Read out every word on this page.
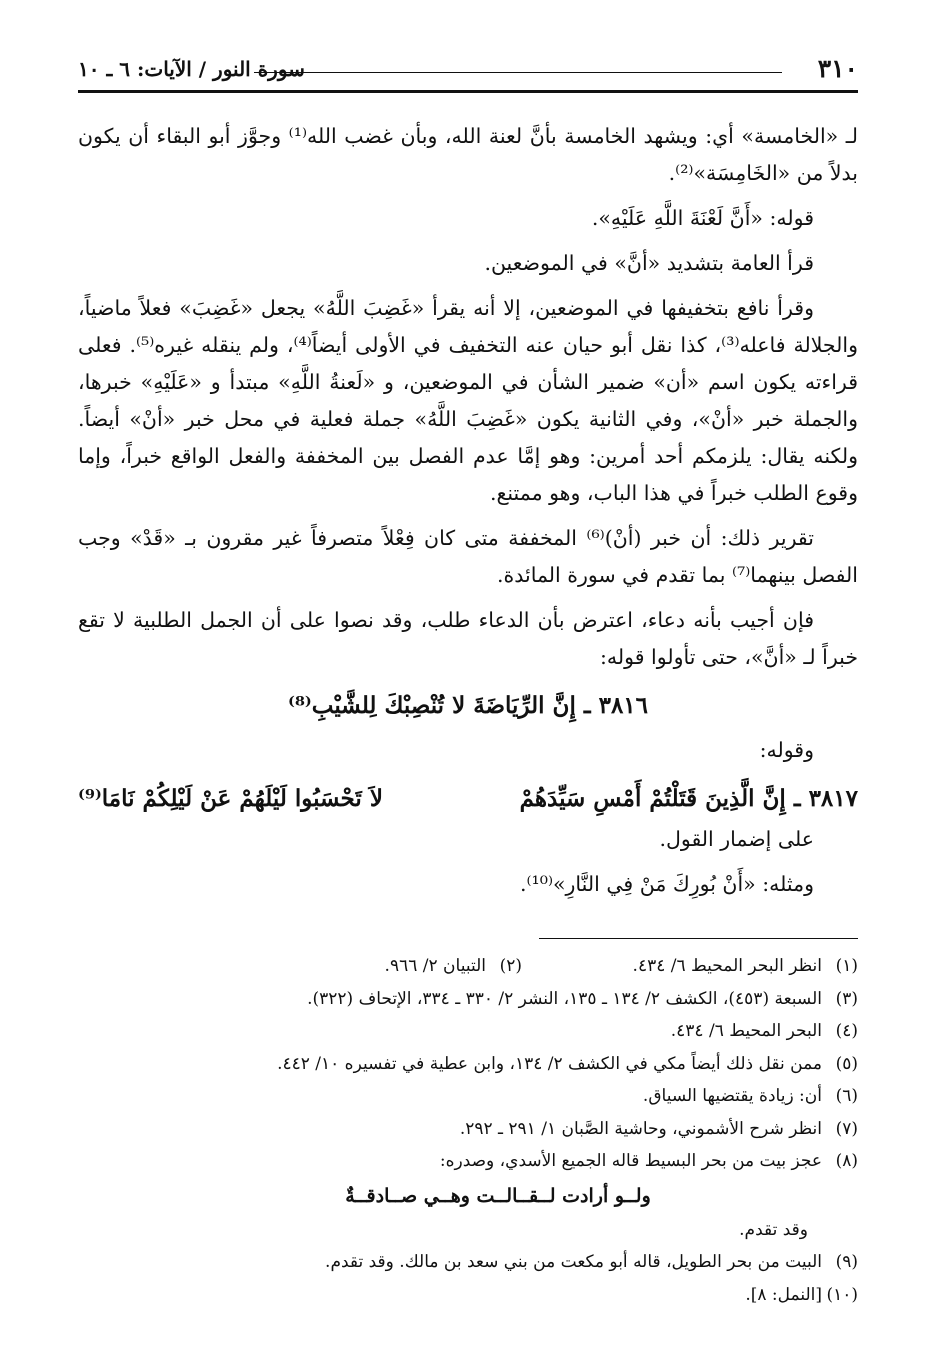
٣١٠
سورة النور / الآيات: ٦ ـ ١٠

لـ «الخامسة» أي: ويشهد الخامسة بأنَّ لعنة الله، وبأن غضب الله⁽¹⁾ وجوَّز أبو البقاء أن يكون بدلاً من «الخَامِسَة»⁽²⁾.

قوله: «أَنَّ لَعْنَةَ اللَّهِ عَلَيْهِ».

قرأ العامة بتشديد «أنَّ» في الموضعين.

وقرأ نافع بتخفيفها في الموضعين، إلا أنه يقرأ «غَضِبَ اللَّهُ» يجعل «غَضِبَ» فعلاً ماضياً، والجلالة فاعله⁽³⁾، كذا نقل أبو حيان عنه التخفيف في الأولى أيضاً⁽⁴⁾، ولم ينقله غيره⁽⁵⁾. فعلى قراءته يكون اسم «أن» ضمير الشأن في الموضعين، و «لَعنةُ اللَّهِ» مبتدأ و «عَلَيْهِ» خبرها، والجملة خبر «أنْ»، وفي الثانية يكون «غَضِبَ اللَّهُ» جملة فعلية في محل خبر «أنْ» أيضاً. ولكنه يقال: يلزمكم أحد أمرين: وهو إمَّا عدم الفصل بين المخففة والفعل الواقع خبراً، وإما وقوع الطلب خبراً في هذا الباب، وهو ممتنع.

تقرير ذلك: أن خبر (أنْ)⁽⁶⁾ المخففة متى كان فِعْلاً متصرفاً غير مقرون بـ «قَدْ» وجب الفصل بينهما⁽⁷⁾ بما تقدم في سورة المائدة.

فإن أجيب بأنه دعاء، اعترض بأن الدعاء طلب، وقد نصوا على أن الجمل الطلبية لا تقع خبراً لـ «أنَّ»، حتى تأولوا قوله:

٣٨١٦ ـ إِنَّ الرِّيَاضَةَ لا تُنْصِبْكَ لِلشَّيْبِ⁽⁸⁾

وقوله:

٣٨١٧ ـ إِنَّ الَّذِينَ قَتَلْتُمْ أَمْسِ سَيِّدَهُمْ
لاَ تَحْسَبُوا لَيْلَهُمْ عَنْ لَيْلِكُمْ نَامَا⁽⁹⁾

على إضمار القول.

ومثله: «أَنْ بُورِكَ مَنْ فِي النَّارِ»⁽¹⁰⁾.

(١)
انظر البحر المحيط ٦/ ٤٣٤.
(٢)
التبيان ٢/ ٩٦٦.
(٣)
السبعة (٤٥٣)، الكشف ٢/ ١٣٤ ـ ١٣٥، النشر ٢/ ٣٣٠ ـ ٣٣٤، الإتحاف (٣٢٢).
(٤)
البحر المحيط ٦/ ٤٣٤.
(٥)
ممن نقل ذلك أيضاً مكي في الكشف ٢/ ١٣٤، وابن عطية في تفسيره ١٠/ ٤٤٢.
(٦)
أن: زيادة يقتضيها السياق.
(٧)
انظر شرح الأشموني، وحاشية الصَّبان ١/ ٢٩١ ـ ٢٩٢.
(٨)
عجز بيت من بحر البسيط قاله الجميع الأسدي، وصدره:
ولــو أرادت لــقــالــت وهــي صــادقــةٌ
وقد تقدم.
(٩)
البيت من بحر الطويل، قاله أبو مكعت من بني سعد بن مالك. وقد تقدم.
(١٠)
[النمل: ٨].
